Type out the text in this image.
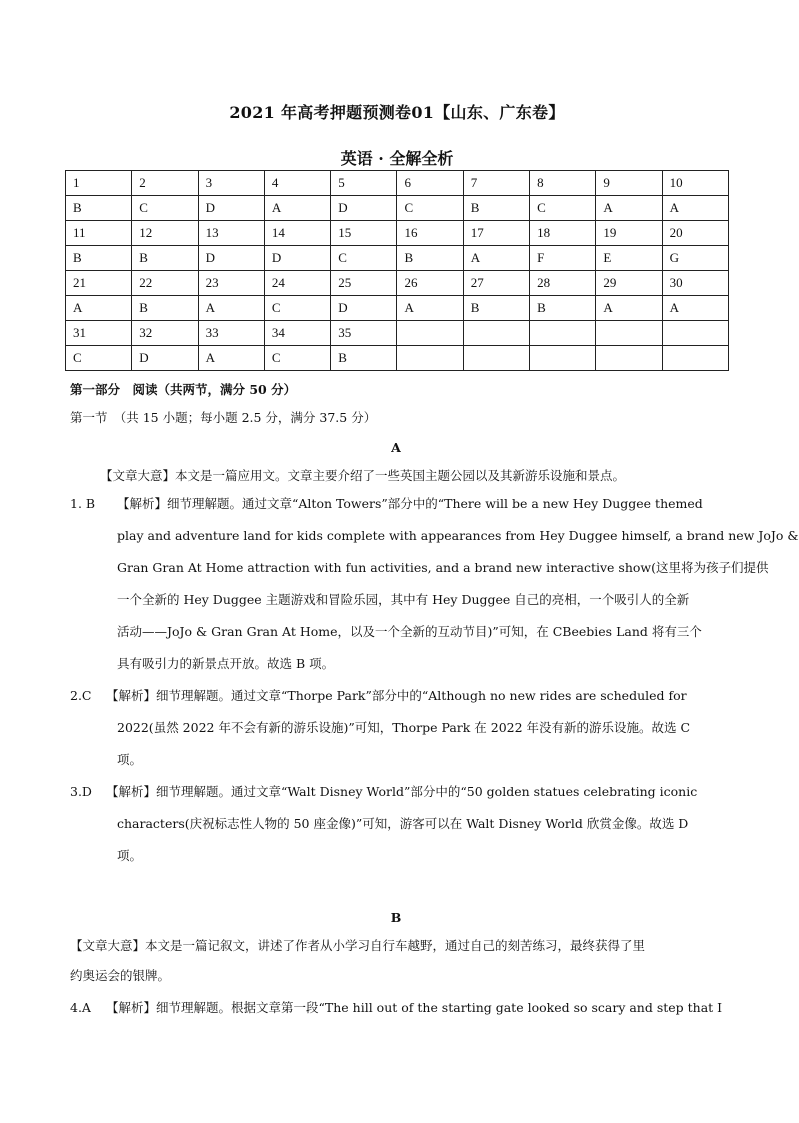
2021 年高考押题预测卷01【山东、广东卷】
英语 · 全解全析
1	2	3	4	5	6	7	8	9	10
B	C	D	A	D	C	B	C	A	A
11	12	13	14	15	16	17	18	19	20
B	B	D	D	C	B	A	F	E	G
21	22	23	24	25	26	27	28	29	30
A	B	A	C	D	A	B	B	A	A
31	32	33	34	35					
C	D	A	C	B					
第一部分　阅读（共两节，满分 50 分）
第一节　（共 15 小题；每小题 2.5 分，满分 37.5 分）
A
【文章大意】本文是一篇应用文。文章主要介绍了一些英国主题公园以及其新游乐设施和景点。
1. B 【解析】细节理解题。通过文章“Alton Towers”部分中的“There will be a new Hey Duggee themed
play and adventure land for kids complete with appearances from Hey Duggee himself, a brand new JoJo &
Gran Gran At Home attraction with fun activities, and a brand new interactive show(这里将为孩子们提供
一个全新的 Hey Duggee 主题游戏和冒险乐园，其中有 Hey Duggee 自己的亮相，一个吸引人的全新
活动——JoJo & Gran Gran At Home，以及一个全新的互动节目)”可知，在 CBeebies Land 将有三个
具有吸引力的新景点开放。故选 B 项。
2.C 【解析】细节理解题。通过文章“Thorpe Park”部分中的“Although no new rides are scheduled for
2022(虽然 2022 年不会有新的游乐设施)”可知，Thorpe Park 在 2022 年没有新的游乐设施。故选 C
项。
3.D 【解析】细节理解题。通过文章“Walt Disney World”部分中的“50 golden statues celebrating iconic
characters(庆祝标志性人物的 50 座金像)”可知，游客可以在 Walt Disney World 欣赏金像。故选 D
项。
B
【文章大意】本文是一篇记叙文，讲述了作者从小学习自行车越野，通过自己的刻苦练习，最终获得了里
约奥运会的银牌。
4.A 【解析】细节理解题。根据文章第一段“The hill out of the starting gate looked so scary and step that I
